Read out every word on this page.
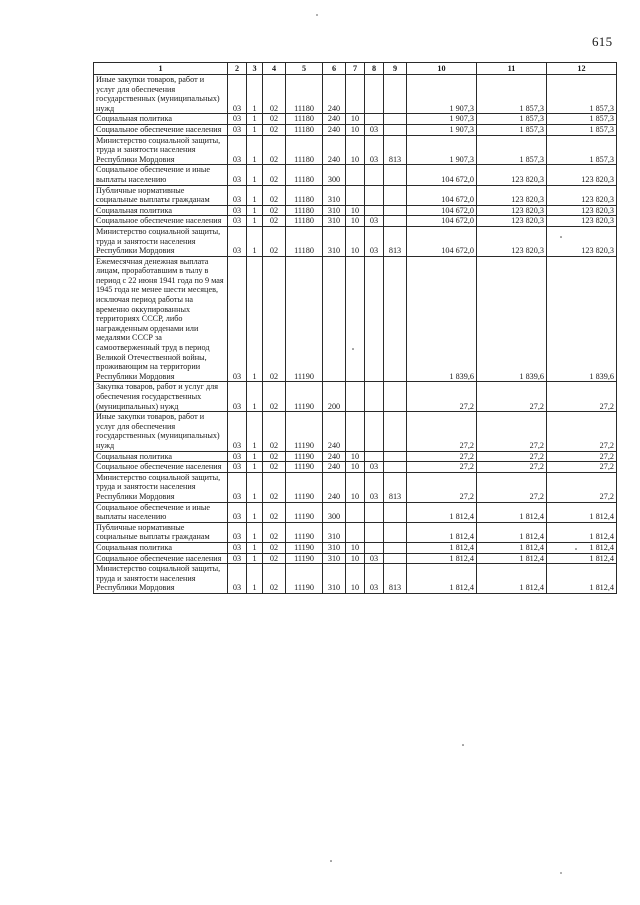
615
1	2	3	4	5	6	7	8	9	10	11	12
Иные закупки товаров, работ и услуг для обеспечения государственных (муниципальных) нужд	03	1	02	11180	240				1 907,3	1 857,3	1 857,3
Социальная политика	03	1	02	11180	240	10			1 907,3	1 857,3	1 857,3
Социальное обеспечение населения	03	1	02	11180	240	10	03		1 907,3	1 857,3	1 857,3
Министерство социальной защиты, труда и занятости населения Республики Мордовия	03	1	02	11180	240	10	03	813	1 907,3	1 857,3	1 857,3
Социальное обеспечение и иные выплаты населению	03	1	02	11180	300				104 672,0	123 820,3	123 820,3
Публичные нормативные социальные выплаты гражданам	03	1	02	11180	310				104 672,0	123 820,3	123 820,3
Социальная политика	03	1	02	11180	310	10			104 672,0	123 820,3	123 820,3
Социальное обеспечение населения	03	1	02	11180	310	10	03		104 672,0	123 820,3	123 820,3
Министерство социальной защиты, труда и занятости населения Республики Мордовия	03	1	02	11180	310	10	03	813	104 672,0	123 820,3	123 820,3
Ежемесячная денежная выплата лицам, проработавшим в тылу в период с 22 июня 1941 года по 9 мая 1945 года не менее шести месяцев, исключая период работы на временно оккупированных территориях СССР, либо награжденным орденами или медалями СССР за самоотверженный труд в период Великой Отечественной войны, проживающим на территории Республики Мордовия	03	1	02	11190					1 839,6	1 839,6	1 839,6
Закупка товаров, работ и услуг для обеспечения государственных (муниципальных) нужд	03	1	02	11190	200				27,2	27,2	27,2
Иные закупки товаров, работ и услуг для обеспечения государственных (муниципальных) нужд	03	1	02	11190	240				27,2	27,2	27,2
Социальная политика	03	1	02	11190	240	10			27,2	27,2	27,2
Социальное обеспечение населения	03	1	02	11190	240	10	03		27,2	27,2	27,2
Министерство социальной защиты, труда и занятости населения Республики Мордовия	03	1	02	11190	240	10	03	813	27,2	27,2	27,2
Социальное обеспечение и иные выплаты населению	03	1	02	11190	300				1 812,4	1 812,4	1 812,4
Публичные нормативные социальные выплаты гражданам	03	1	02	11190	310				1 812,4	1 812,4	1 812,4
Социальная политика	03	1	02	11190	310	10			1 812,4	1 812,4	1 812,4
Социальное обеспечение населения	03	1	02	11190	310	10	03		1 812,4	1 812,4	1 812,4
Министерство социальной защиты, труда и занятости населения Республики Мордовия	03	1	02	11190	310	10	03	813	1 812,4	1 812,4	1 812,4
